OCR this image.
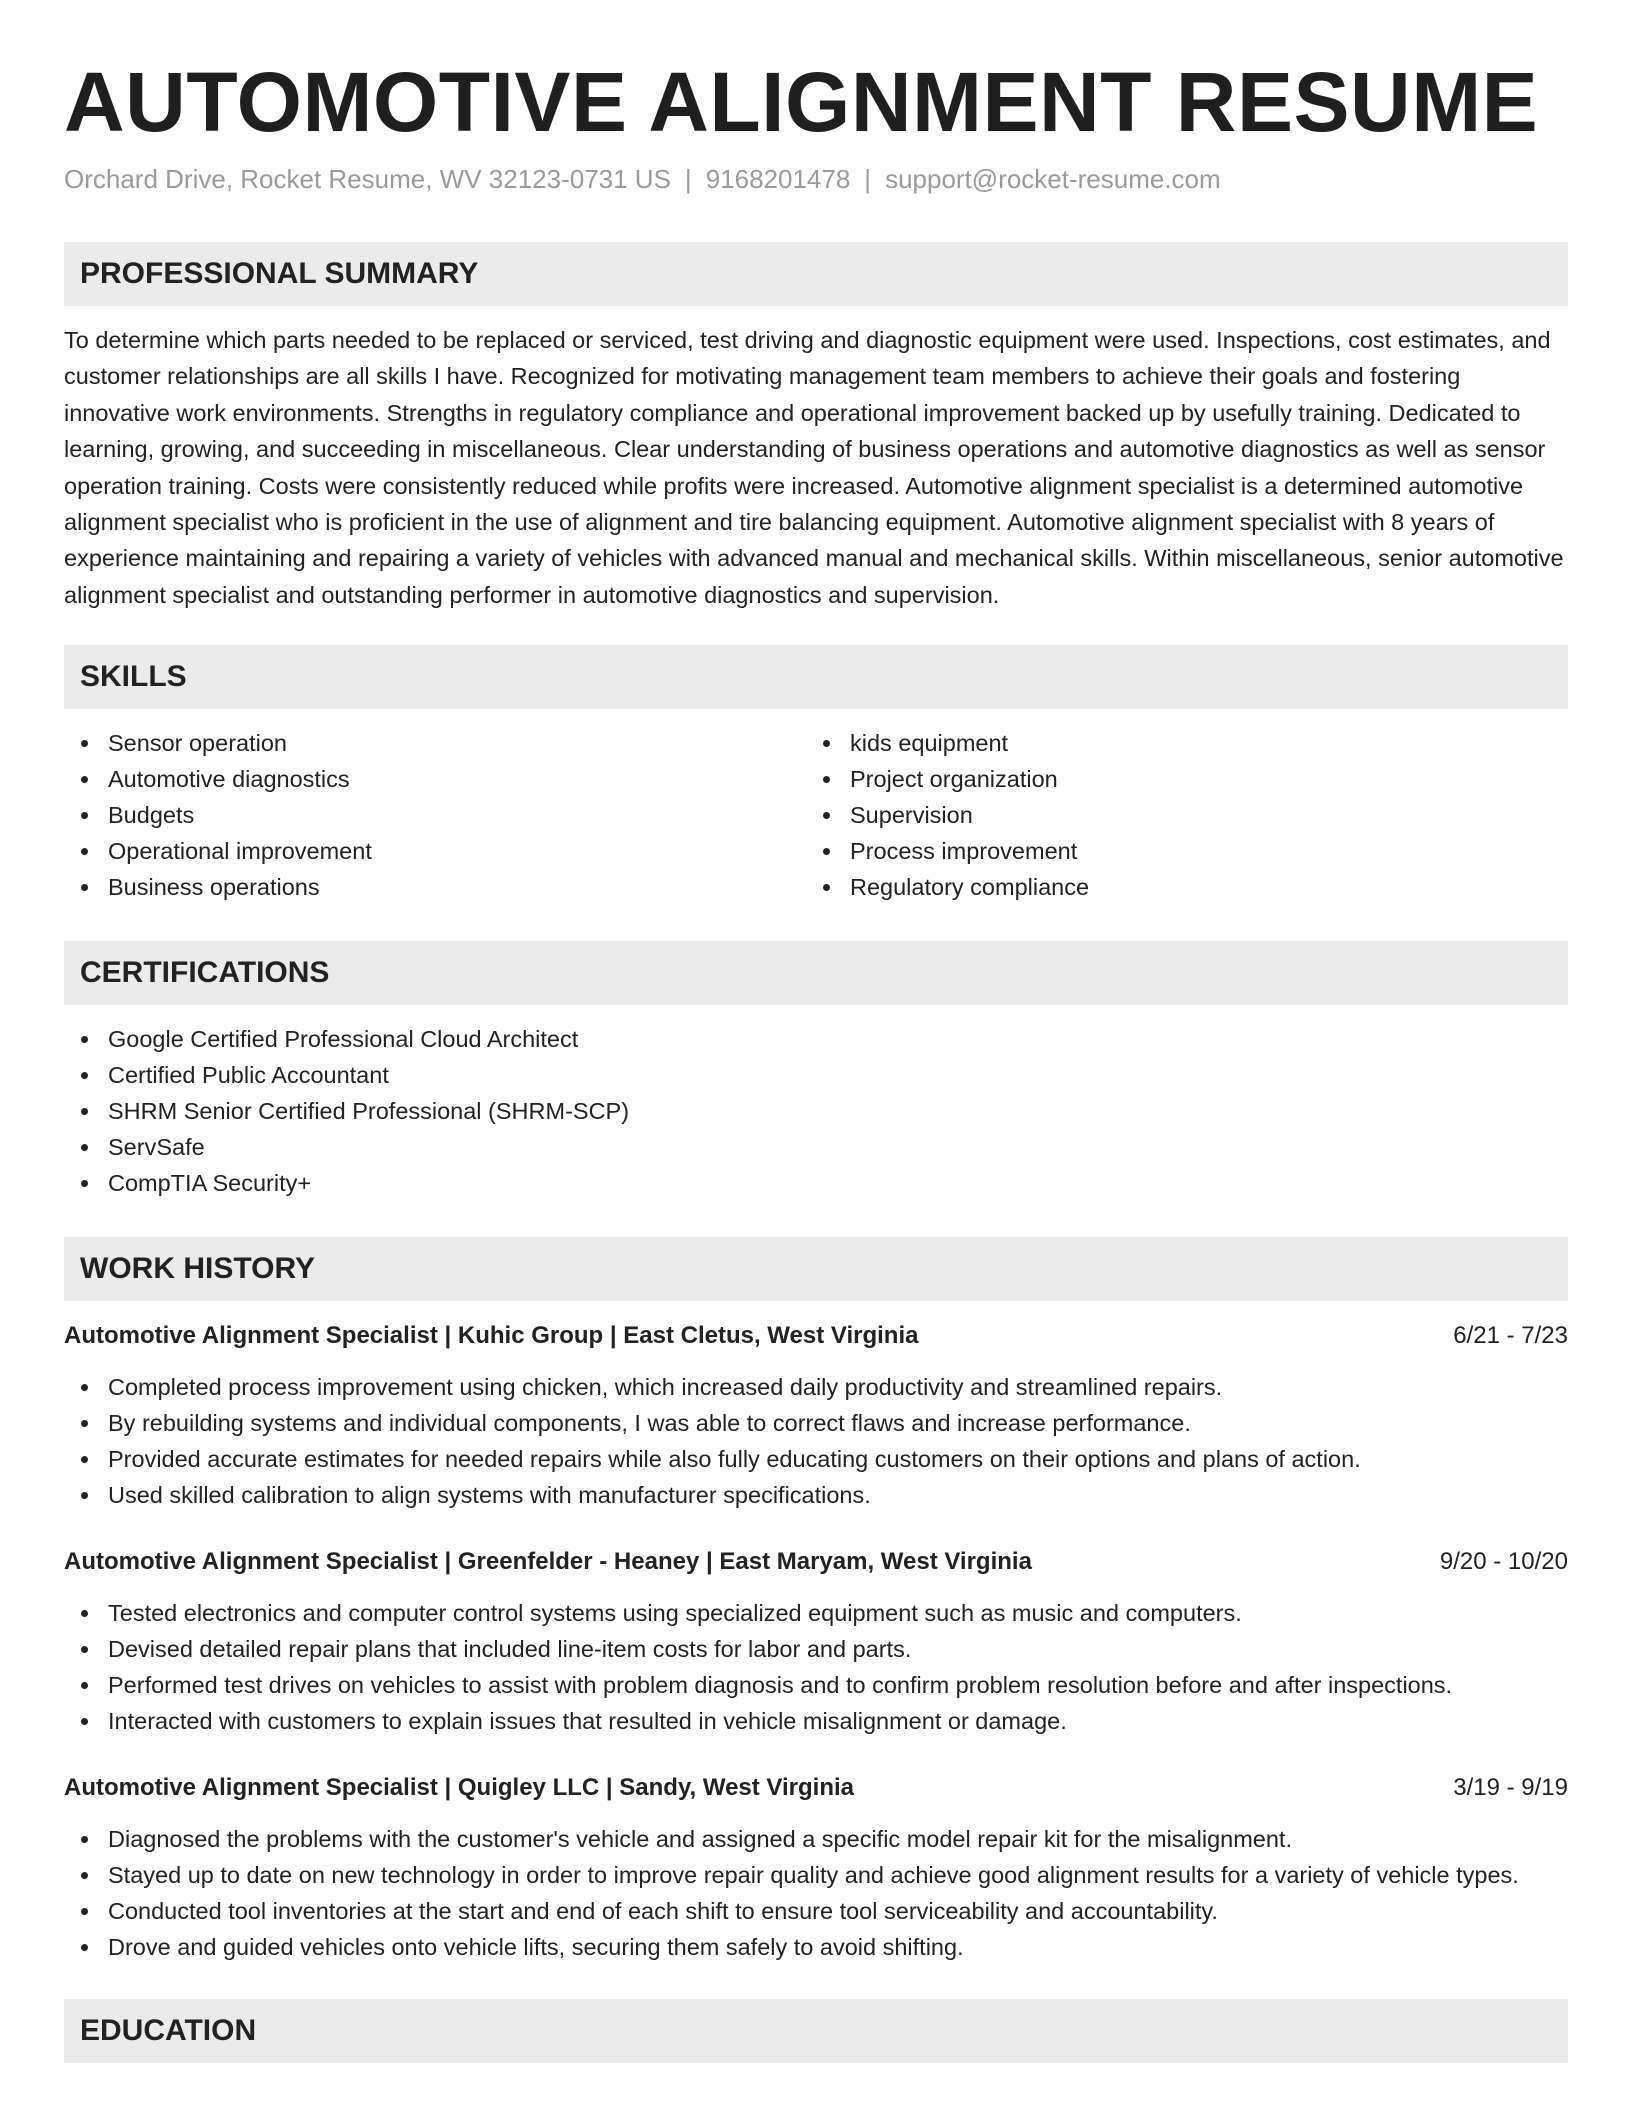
AUTOMOTIVE ALIGNMENT RESUME
Orchard Drive, Rocket Resume, WV 32123-0731 US | 9168201478 | support@rocket-resume.com
PROFESSIONAL SUMMARY
To determine which parts needed to be replaced or serviced, test driving and diagnostic equipment were used. Inspections, cost estimates, and customer relationships are all skills I have. Recognized for motivating management team members to achieve their goals and fostering innovative work environments. Strengths in regulatory compliance and operational improvement backed up by usefully training. Dedicated to learning, growing, and succeeding in miscellaneous. Clear understanding of business operations and automotive diagnostics as well as sensor operation training. Costs were consistently reduced while profits were increased. Automotive alignment specialist is a determined automotive alignment specialist who is proficient in the use of alignment and tire balancing equipment. Automotive alignment specialist with 8 years of experience maintaining and repairing a variety of vehicles with advanced manual and mechanical skills. Within miscellaneous, senior automotive alignment specialist and outstanding performer in automotive diagnostics and supervision.
SKILLS
Sensor operation
Automotive diagnostics
Budgets
Operational improvement
Business operations
kids equipment
Project organization
Supervision
Process improvement
Regulatory compliance
CERTIFICATIONS
Google Certified Professional Cloud Architect
Certified Public Accountant
SHRM Senior Certified Professional (SHRM-SCP)
ServSafe
CompTIA Security+
WORK HISTORY
Automotive Alignment Specialist | Kuhic Group | East Cletus, West Virginia	6/21 - 7/23
Completed process improvement using chicken, which increased daily productivity and streamlined repairs.
By rebuilding systems and individual components, I was able to correct flaws and increase performance.
Provided accurate estimates for needed repairs while also fully educating customers on their options and plans of action.
Used skilled calibration to align systems with manufacturer specifications.
Automotive Alignment Specialist | Greenfelder - Heaney | East Maryam, West Virginia	9/20 - 10/20
Tested electronics and computer control systems using specialized equipment such as music and computers.
Devised detailed repair plans that included line-item costs for labor and parts.
Performed test drives on vehicles to assist with problem diagnosis and to confirm problem resolution before and after inspections.
Interacted with customers to explain issues that resulted in vehicle misalignment or damage.
Automotive Alignment Specialist | Quigley LLC | Sandy, West Virginia	3/19 - 9/19
Diagnosed the problems with the customer's vehicle and assigned a specific model repair kit for the misalignment.
Stayed up to date on new technology in order to improve repair quality and achieve good alignment results for a variety of vehicle types.
Conducted tool inventories at the start and end of each shift to ensure tool serviceability and accountability.
Drove and guided vehicles onto vehicle lifts, securing them safely to avoid shifting.
EDUCATION
